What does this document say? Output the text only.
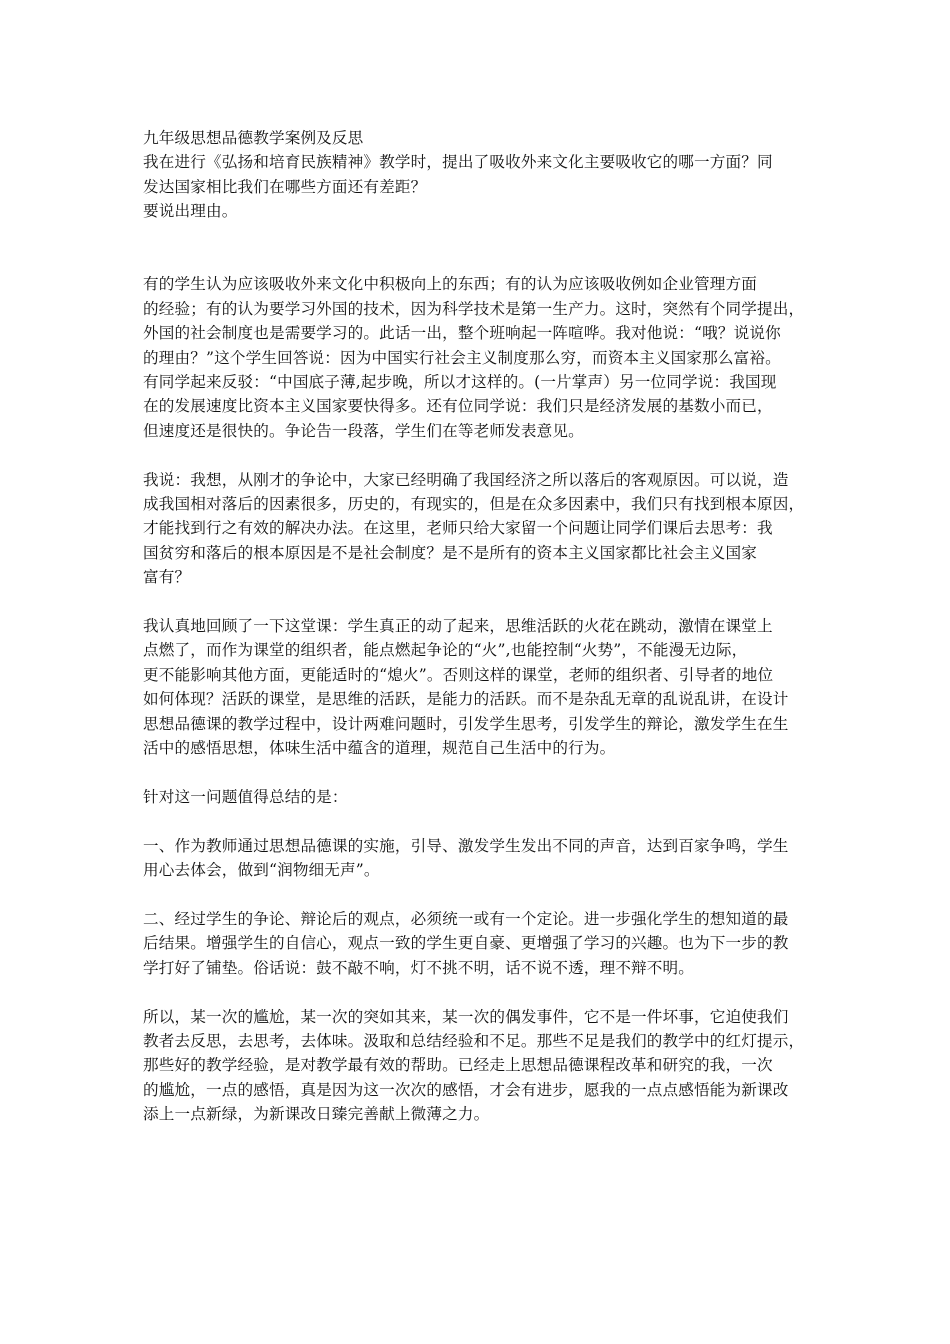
九年级思想品德教学案例及反思
我在进行《弘扬和培育民族精神》教学时，提出了吸收外来文化主要吸收它的哪一方面？同
发达国家相比我们在哪些方面还有差距？
要说出理由。
有的学生认为应该吸收外来文化中积极向上的东西；有的认为应该吸收例如企业管理方面
的经验；有的认为要学习外国的技术，因为科学技术是第一生产力。这时，突然有个同学提出，
外国的社会制度也是需要学习的。此话一出，整个班响起一阵喧哗。我对他说：“哦？说说你
的理由？”这个学生回答说：因为中国实行社会主义制度那么穷，而资本主义国家那么富裕。
有同学起来反驳：“中国底子薄,起步晚，所以才这样的。(一片掌声）另一位同学说：我国现
在的发展速度比资本主义国家要快得多。还有位同学说：我们只是经济发展的基数小而已，
但速度还是很快的。争论告一段落，学生们在等老师发表意见。
我说：我想，从刚才的争论中，大家已经明确了我国经济之所以落后的客观原因。可以说，造
成我国相对落后的因素很多，历史的，有现实的，但是在众多因素中，我们只有找到根本原因，
才能找到行之有效的解决办法。在这里，老师只给大家留一个问题让同学们课后去思考：我
国贫穷和落后的根本原因是不是社会制度？是不是所有的资本主义国家都比社会主义国家
富有？
我认真地回顾了一下这堂课：学生真正的动了起来，思维活跃的火花在跳动，激情在课堂上
点燃了，而作为课堂的组织者，能点燃起争论的“火”,也能控制“火势”，不能漫无边际，
更不能影响其他方面，更能适时的“熄火”。否则这样的课堂，老师的组织者、引导者的地位
如何体现？活跃的课堂，是思维的活跃，是能力的活跃。而不是杂乱无章的乱说乱讲，在设计
思想品德课的教学过程中，设计两难问题时，引发学生思考，引发学生的辩论，激发学生在生
活中的感悟思想，体味生活中蕴含的道理，规范自己生活中的行为。
针对这一问题值得总结的是：
一、作为教师通过思想品德课的实施，引导、激发学生发出不同的声音，达到百家争鸣，学生
用心去体会，做到“润物细无声”。
二、经过学生的争论、辩论后的观点，必须统一或有一个定论。进一步强化学生的想知道的最
后结果。增强学生的自信心，观点一致的学生更自豪、更增强了学习的兴趣。也为下一步的教
学打好了铺垫。俗话说：鼓不敲不响，灯不挑不明，话不说不透，理不辩不明。
所以，某一次的尴尬，某一次的突如其来，某一次的偶发事件，它不是一件坏事，它迫使我们
教者去反思，去思考，去体味。汲取和总结经验和不足。那些不足是我们的教学中的红灯提示，
那些好的教学经验，是对教学最有效的帮助。已经走上思想品德课程改革和研究的我，一次
的尴尬，一点的感悟，真是因为这一次次的感悟，才会有进步，愿我的一点点感悟能为新课改
添上一点新绿，为新课改日臻完善献上微薄之力。
